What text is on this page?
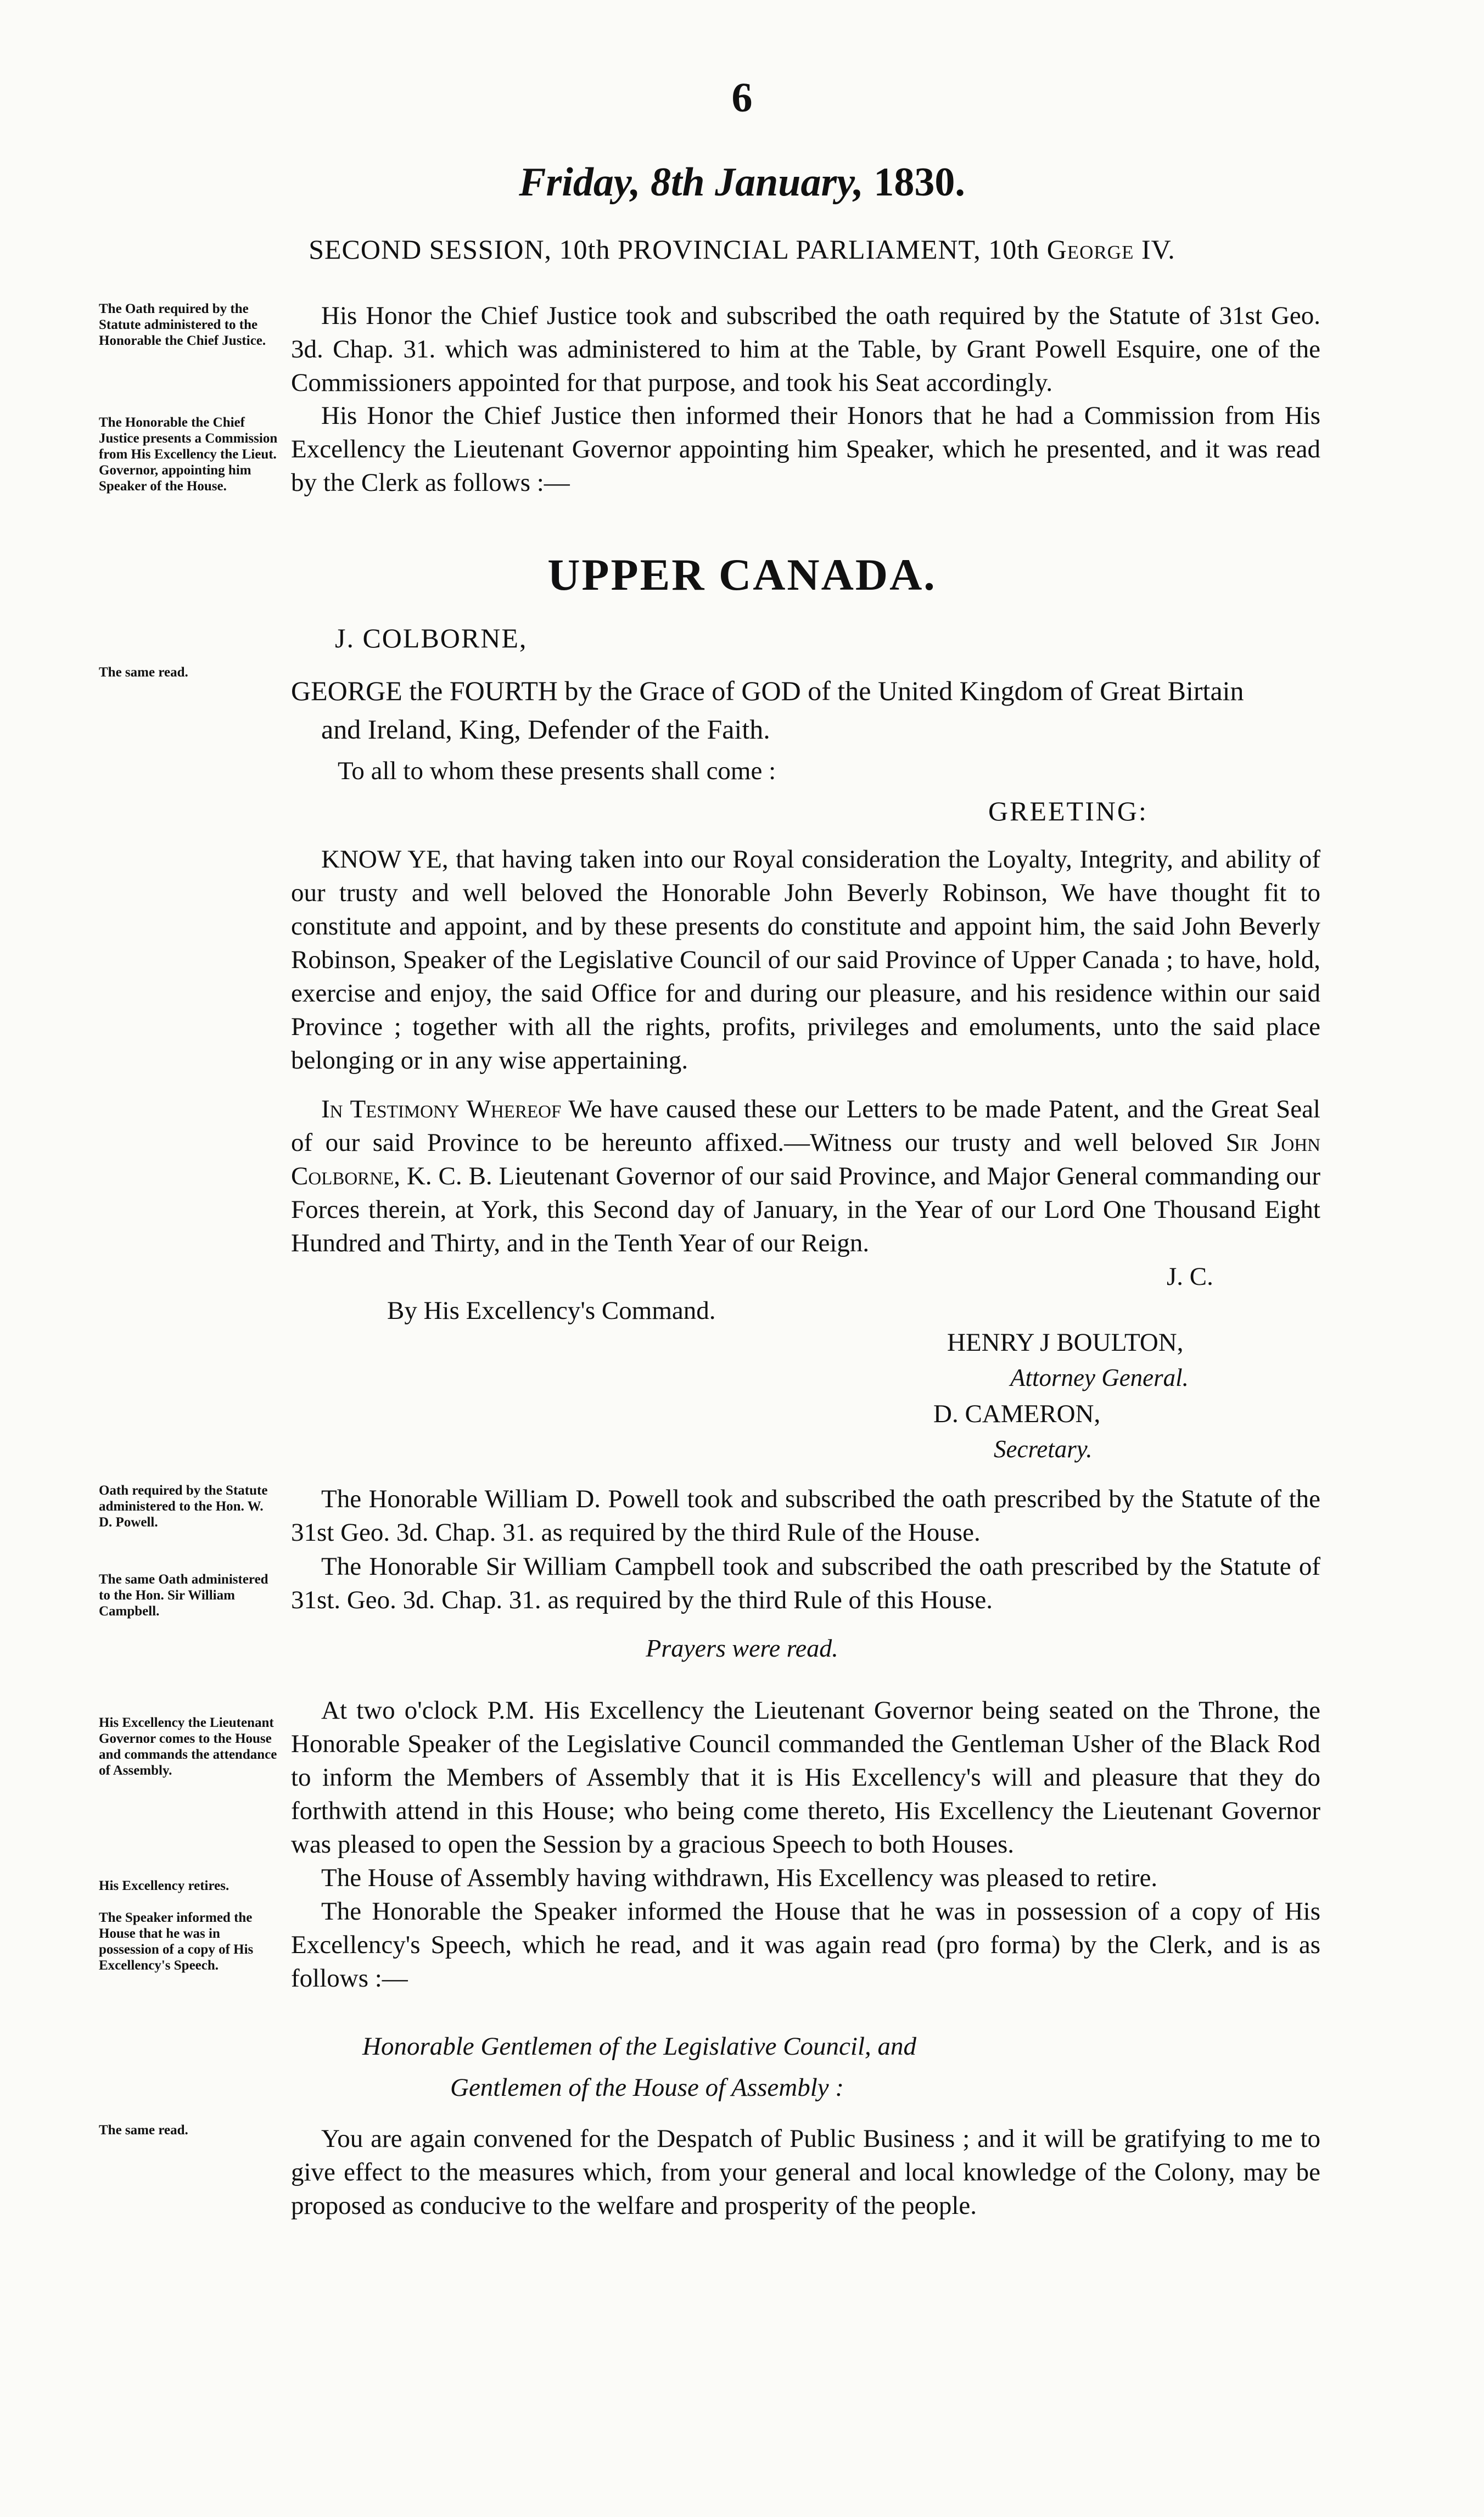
6
Friday, 8th January, 1830.
SECOND SESSION, 10th PROVINCIAL PARLIAMENT, 10th George IV.
The Oath required by the Statute administered to the Honorable the Chief Justice.
The Honorable the Chief Justice presents a Commission from His Excellency the Lieut. Governor, appointing him Speaker of the House.
The same read.
Oath required by the Statute administered to the Hon. W. D. Powell.
The same Oath administered to the Hon. Sir William Campbell.
His Excellency the Lieutenant Governor comes to the House and commands the attendance of Assembly.
His Excellency retires.
The Speaker informed the House that he was in possession of a copy of His Excellency's Speech.
The same read.

His Honor the Chief Justice took and subscribed the oath required by the Statute of 31st Geo. 3d. Chap. 31. which was administered to him at the Table, by Grant Powell Esquire, one of the Commissioners appointed for that purpose, and took his Seat accordingly.

His Honor the Chief Justice then informed their Honors that he had a Commission from His Excellency the Lieutenant Governor appointing him Speaker, which he presented, and it was read by the Clerk as follows :—

UPPER CANADA.
J. COLBORNE,
GEORGE the FOURTH by the Grace of GOD of the United Kingdom of Great Birtain
and Ireland, King, Defender of the Faith.
To all to whom these presents shall come :
GREETING:

KNOW YE, that having taken into our Royal consideration the Loyalty, Integrity, and ability of our trusty and well beloved the Honorable John Beverly Robinson, We have thought fit to constitute and appoint, and by these presents do constitute and appoint him, the said John Beverly Robinson, Speaker of the Legislative Council of our said Province of Upper Canada ; to have, hold, exercise and enjoy, the said Office for and during our pleasure, and his residence within our said Province ; together with all the rights, profits, privileges and emoluments, unto the said place belonging or in any wise appertaining.

In Testimony Whereof We have caused these our Letters to be made Patent, and the Great Seal of our said Province to be hereunto affixed.—Witness our trusty and well beloved Sir John Colborne, K. C. B. Lieutenant Governor of our said Province, and Major General commanding our Forces therein, at York, this Second day of January, in the Year of our Lord One Thousand Eight Hundred and Thirty, and in the Tenth Year of our Reign.

J. C.
By His Excellency's Command.
HENRY J BOULTON,
Attorney General.
D. CAMERON,
Secretary.

The Honorable William D. Powell took and subscribed the oath prescribed by the Statute of the 31st Geo. 3d. Chap. 31. as required by the third Rule of the House.

The Honorable Sir William Campbell took and subscribed the oath prescribed by the Statute of 31st. Geo. 3d. Chap. 31. as required by the third Rule of this House.

Prayers were read.

At two o'clock P.M. His Excellency the Lieutenant Governor being seated on the Throne, the Honorable Speaker of the Legislative Council commanded the Gentleman Usher of the Black Rod to inform the Members of Assembly that it is His Excellency's will and pleasure that they do forthwith attend in this House; who being come thereto, His Excellency the Lieutenant Governor was pleased to open the Session by a gracious Speech to both Houses.

The House of Assembly having withdrawn, His Excellency was pleased to retire.

The Honorable the Speaker informed the House that he was in possession of a copy of His Excellency's Speech, which he read, and it was again read (pro forma) by the Clerk, and is as follows :—

Honorable Gentlemen of the Legislative Council, and
Gentlemen of the House of Assembly :

You are again convened for the Despatch of Public Business ; and it will be gratifying to me to give effect to the measures which, from your general and local knowledge of the Colony, may be proposed as conducive to the welfare and prosperity of the people.
